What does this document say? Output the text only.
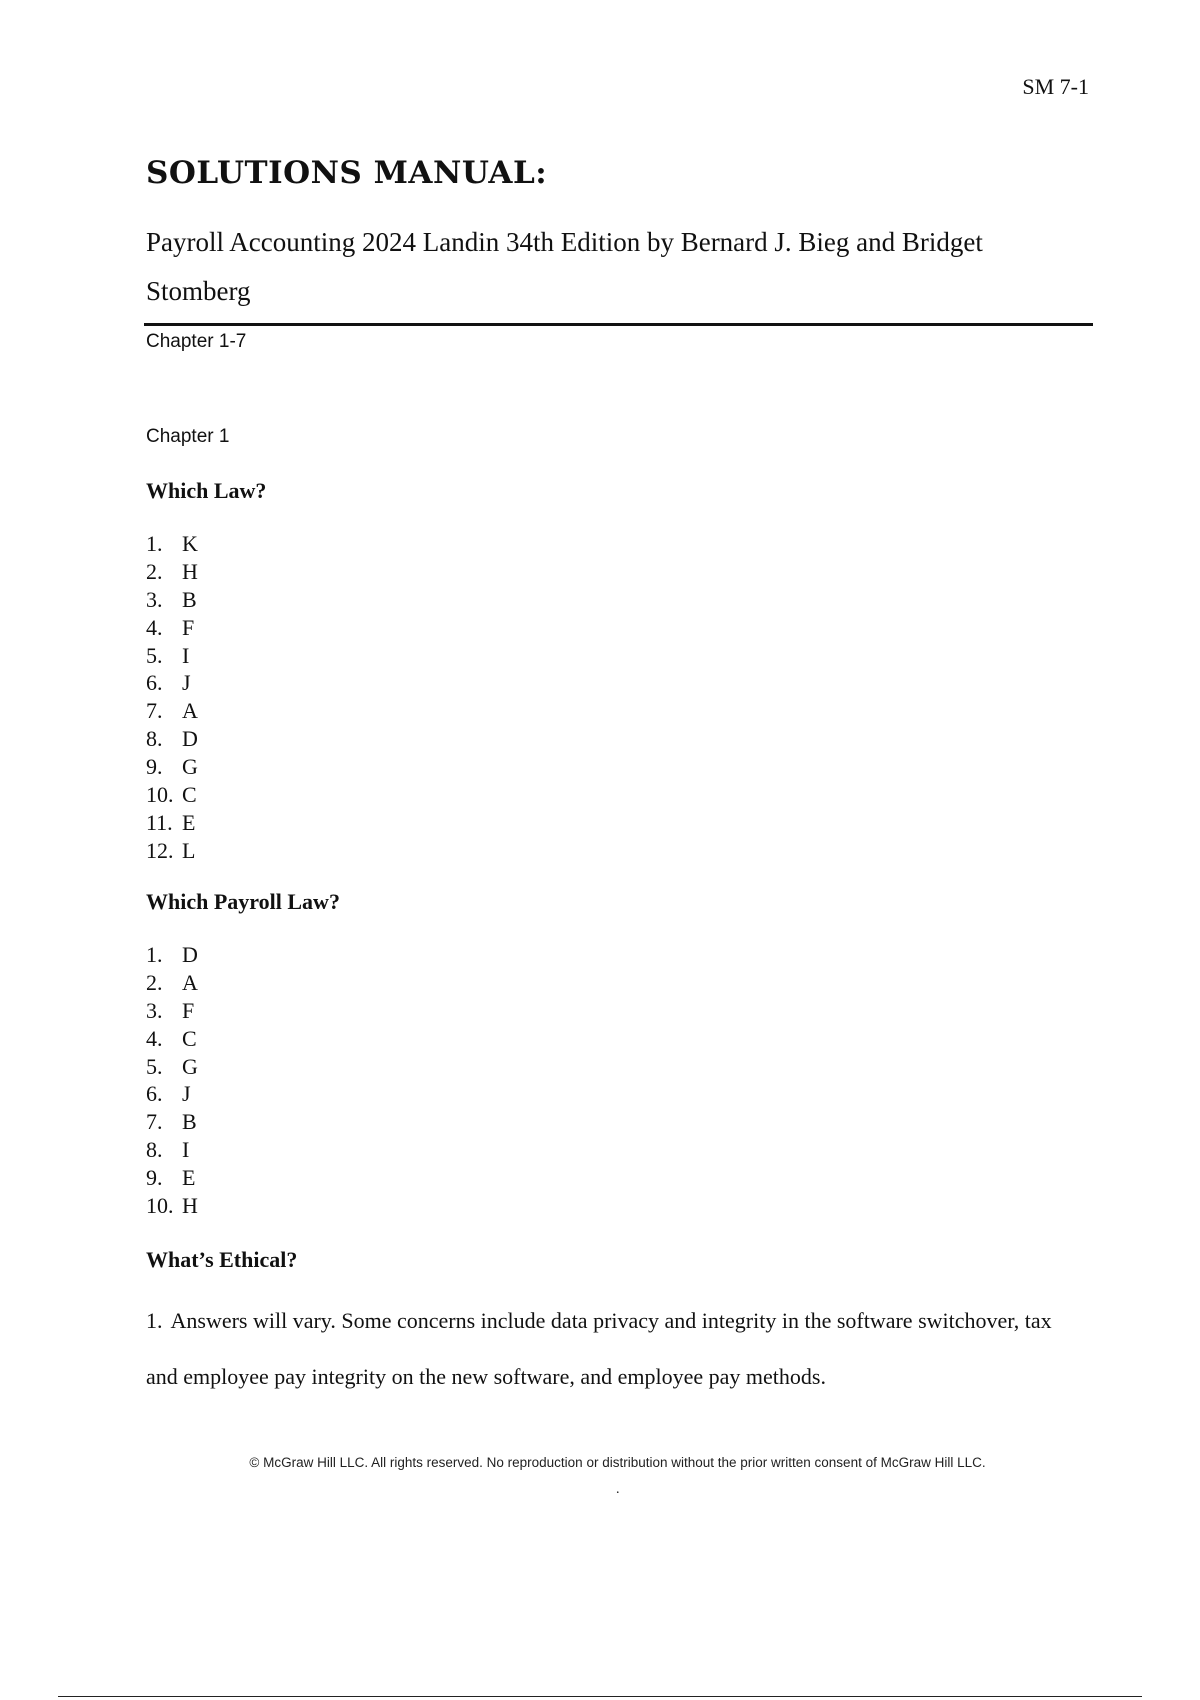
SM 7-1
SOLUTIONS MANUAL:

Payroll Accounting 2024 Landin 34th Edition by Bernard J. Bieg and Bridget Stomberg

Chapter 1-7
Chapter 1
Which Law?
1. K
2. H
3. B
4. F
5. I
6. J
7. A
8. D
9. G
10. C
11. E
12. L
Which Payroll Law?
1. D
2. A
3. F
4. C
5. G
6. J
7. B
8. I
9. E
10. H
What’s Ethical?

1. Answers will vary. Some concerns include data privacy and integrity in the software switchover, tax and employee pay integrity on the new software, and employee pay methods.

© McGraw Hill LLC. All rights reserved. No reproduction or distribution without the prior written consent of McGraw Hill LLC.
.
